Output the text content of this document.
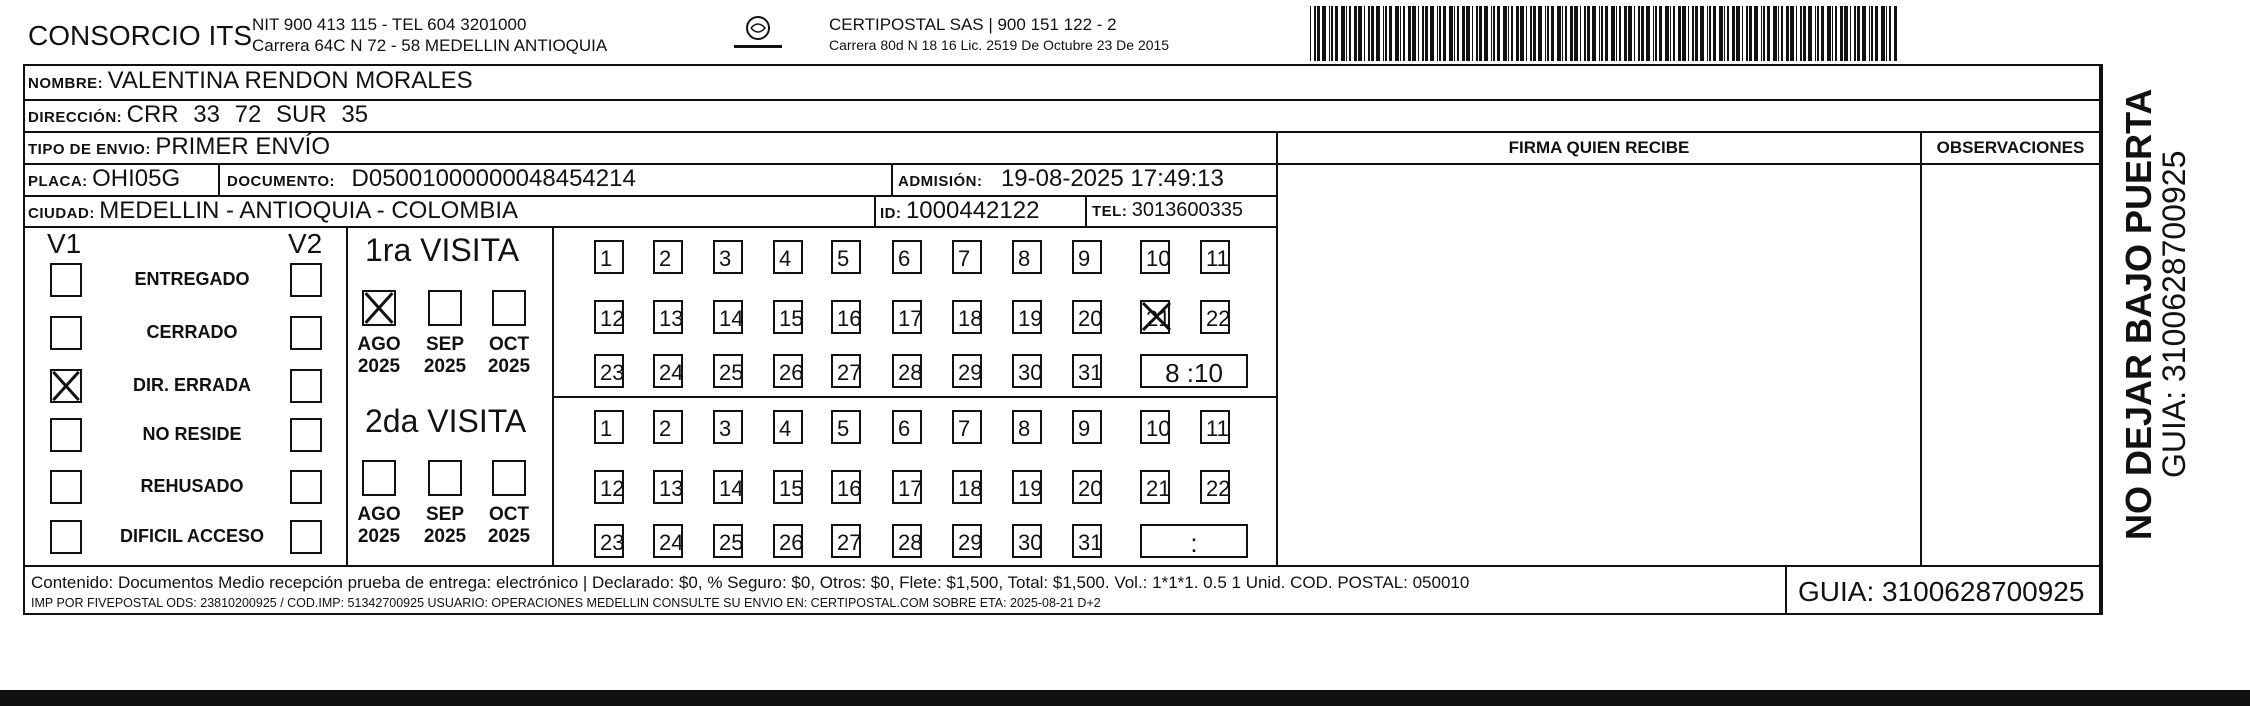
CONSORCIO ITS NIT 900 413 115 - TEL 604 3201000
Carrera 64C N 72 - 58 MEDELLIN ANTIOQUIA
CERTIPOSTAL SAS | 900 151 122 - 2
Carrera 80d N 18 16 Lic. 2519 De Octubre 23 De 2015
NOMBRE: VALENTINA RENDON MORALES
DIRECCIÓN: CRR 33 72 SUR 35
TIPO DE ENVIO: PRIMER ENVÍO	FIRMA QUIEN RECIBE	OBSERVACIONES
PLACA: OHI05G	DOCUMENTO: D05001000000048454214	ADMISIÓN: 19-08-2025 17:49:13
CIUDAD: MEDELLIN - ANTIOQUIA - COLOMBIA	ID: 1000442122	TEL: 3013600335
V1	V2
ENTREGADO
CERRADO
DIR. ERRADA
NO RESIDE
REHUSADO
DIFICIL ACCESO
1ra VISITA
AGO
2025
SEP
2025
OCT
2025
1	2	3	4	5	6	7	8	9	10 11
12 13 14 15 16 17 18 19 20 21 22
23 24 25 26 27 28 29 30 31	8 :10
2da VISITA
AGO
2025
SEP
2025
OCT
2025
1	2	3	4	5	6	7	8	9	10 11
12 13 14 15 16 17 18 19 20 21 22
23 24 25 26 27 28 29 30 31	:
Contenido: Documentos Medio recepción prueba de entrega: electrónico | Declarado: $0, % Seguro: $0, Otros: $0, Flete: $1,500, Total: $1,500. Vol.: 1*1*1. 0.5 1 Unid. COD. POSTAL: 050010
IMP POR FIVEPOSTAL ODS: 23810200925 / COD.IMP: 51342700925 USUARIO: OPERACIONES MEDELLIN CONSULTE SU ENVIO EN: CERTIPOSTAL.COM SOBRE ETA: 2025-08-21 D+2	GUIA: 3100628700925
NO DEJAR BAJO PUERTA
GUIA: 3100628700925
